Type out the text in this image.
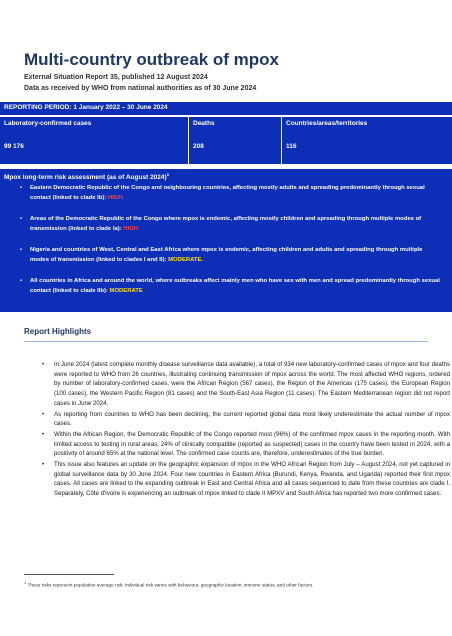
Multi-country outbreak of mpox
External Situation Report 35, published 12 August 2024
Data as received by WHO from national authorities as of 30 June 2024
REPORTING PERIOD: 1 January 2022 – 30 June 2024
Laboratory-confirmed cases
99 176
Deaths
208
Countries/areas/territories
116
Mpox long-term risk assessment (as of August 2024)$^1$
• Eastern Democratic Republic of the Congo and neighbouring countries, affecting mostly adults and spreading predominantly through sexual contact (linked to clade Ib): HIGH.
• Areas of the Democratic Republic of the Congo where mpox is endemic, affecting mostly children and spreading through multiple modes of transmission (linked to clade Ia): HIGH.
• Nigeria and countries of West, Central and East Africa where mpox is endemic, affecting children and adults and spreading through multiple modes of transmission (linked to clades I and II): MODERATE.
• All countries in Africa and around the world, where outbreaks affect mainly men who have sex with men and spread predominantly through sexual contact (linked to clade IIb): MODERATE
Report Highlights
• In June 2024 (latest complete monthly disease surveillance data available), a total of 934 new laboratory-confirmed cases of mpox and four deaths were reported to WHO from 26 countries, illustrating continuing transmission of mpox across the world. The most affected WHO regions, ordered by number of laboratory-confirmed cases, were the African Region (567 cases), the Region of the Americas (175 cases), the European Region (100 cases), the Western Pacific Region (81 cases) and the South-East Asia Region (11 cases). The Eastern Mediterranean region did not report cases in June 2024.
• As reporting from countries to WHO has been declining, the current reported global data most likely underestimate the actual number of mpox cases.
• Within the African Region, the Democratic Republic of the Congo reported most (96%) of the confirmed mpox cases in the reporting month. With limited access to testing in rural areas, 24% of clinically compatible (reported as suspected) cases in the country have been tested in 2024, with a positivity of around 65% at the national level. The confirmed case counts are, therefore, underestimates of the true burden.
• This issue also features an update on the geographic expansion of mpox in the WHO African Region from July – August 2024, not yet captured in global surveillance data by 30 June 2024. Four new countries in Eastern Africa (Burundi, Kenya, Rwanda, and Uganda) reported their first mpox cases. All cases are linked to the expanding outbreak in East and Central Africa and all cases sequenced to date from these countries are clade I. Separately, Côte d'Ivoire is experiencing an outbreak of mpox linked to clade II MPXV and South Africa has reported two more confirmed cases.
$^1$ These risks represent population average risk; individual risk varies with behaviour, geographic location, immune status, and other factors.
